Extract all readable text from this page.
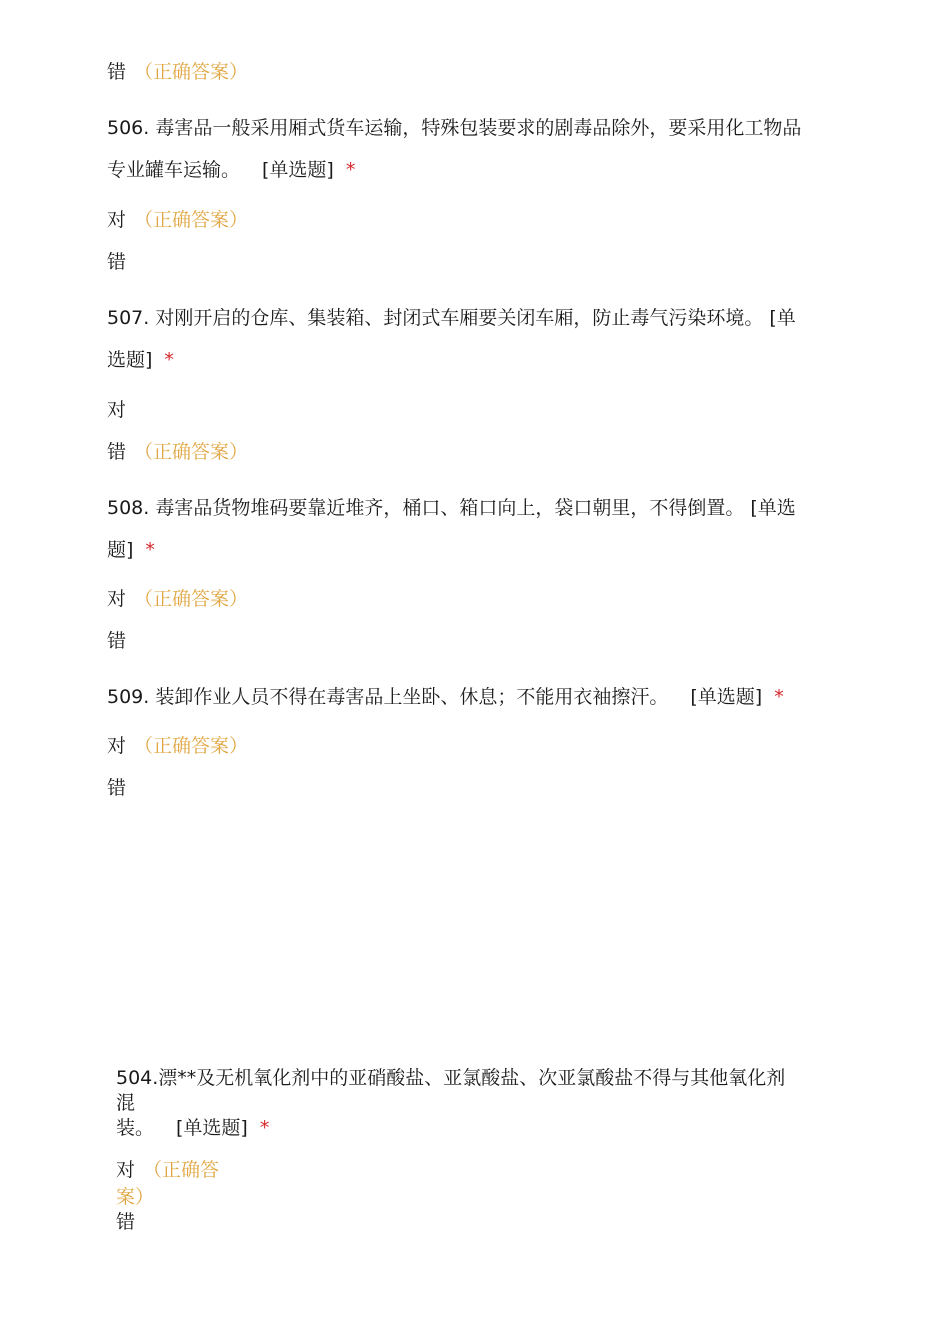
错 （正确答案）
506. 毒害品一般采用厢式货车运输，特殊包装要求的剧毒品除外，要采用化工物品
专业罐车运输。 [单选题] *
对 （正确答案）
错
507. 对刚开启的仓库、集装箱、封闭式车厢要关闭车厢，防止毒气污染环境。 [单
选题] *
对
错 （正确答案）
508. 毒害品货物堆码要靠近堆齐，桶口、箱口向上，袋口朝里，不得倒置。 [单选
题] *
对 （正确答案）
错
509. 装卸作业人员不得在毒害品上坐卧、休息；不能用衣袖擦汗。 [单选题] *
对 （正确答案）
错
504.漂**及无机氧化剂中的亚硝酸盐、亚氯酸盐、次亚氯酸盐不得与其他氧化剂
混
装。 [单选题] *
对 （正确答
案）
错
